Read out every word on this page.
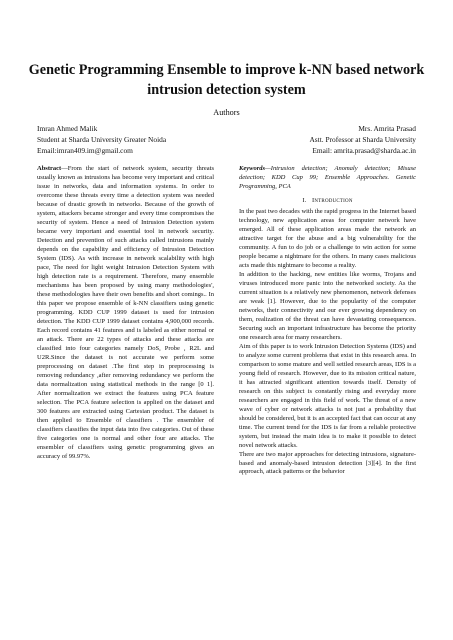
Genetic Programming Ensemble to improve k-NN based network intrusion detection system
Authors
Imran Ahmed Malik
Student at Sharda University Greater Noida
Email:imran409.im@gmail.com
Mrs. Amrita Prasad
Astt. Professor at Sharda University
Email: amrita.prasad@sharda.ac.in

Abstract—From the start of network system, security threats usually known as intrusions has become very important and critical issue in networks, data and information systems. In order to overcome these threats every time a detection system was needed because of drastic growth in networks. Because of the growth of system, attackers became stronger and every time compromises the security of system. Hence a need of Intrusion Detection system became very important and essential tool in network security. Detection and prevention of such attacks called intrusions mainly depends on the capability and efficiency of Intrusion Detection System (IDS). As with increase in network scalability with high pace, The need for light weight Intrusion Detection System with high detection rate is a requirement. Therefore, many ensemble mechanisms has been proposed by using many methodologies', these methodologies have their own benefits and short comings.. In this paper we propose ensemble of k-NN classifiers using genetic programming. KDD CUP 1999 dataset is used for intrusion detection. The KDD CUP 1999 dataset contains 4,900,000 records. Each record contains 41 features and is labeled as either normal or an attack. There are 22 types of attacks and these attacks are classified into four categories namely DoS, Probe , R2L and U2R.Since the dataset is not accurate we perform some preprocessing on dataset .The first step in preprocessing is removing redundancy ,after removing redundancy we perform the data normalization using statistical methods in the range [0 1]. After normalization we extract the features using PCA feature selection. The PCA feature selection is applied on the dataset and 300 features are extracted using Cartesian product. The dataset is then applied to Ensemble of classifiers . The ensembler of classifiers classifies the input data into five categories. Out of these five categories one is normal and other four are attacks. The ensembler of classifiers using genetic programming gives an accuracy of 99.97%.

Keywords—Intrusion detection; Anomaly detection; Misuse detection; KDD Cup 99; Ensemble Approaches. Genetic Programming, PCA

I. Introduction

In the past two decades with the rapid progress in the Internet based technology, new application areas for computer network have emerged. All of these application areas made the network an attractive target for the abuse and a big vulnerability for the community. A fun to do job or a challenge to win action for some people became a nightmare for the others. In many cases malicious acts made this nightmare to become a reality.

In addition to the hacking, new entities like worms, Trojans and viruses introduced more panic into the networked society. As the current situation is a relatively new phenomenon, network defenses are weak [1]. However, due to the popularity of the computer networks, their connectivity and our ever growing dependency on them, realization of the threat can have devastating consequences. Securing such an important infrastructure has become the priority one research area for many researchers.

Aim of this paper is to work Intrusion Detection Systems (IDS) and to analyze some current problems that exist in this research area. In comparison to some mature and well settled research areas, IDS is a young field of research. However, due to its mission critical nature, it has attracted significant attention towards itself. Density of research on this subject is constantly rising and everyday more researchers are engaged in this field of work. The threat of a new wave of cyber or network attacks is not just a probability that should be considered, but it is an accepted fact that can occur at any time. The current trend for the IDS is far from a reliable protective system, but instead the main idea is to make it possible to detect novel network attacks.

There are two major approaches for detecting intrusions, signature-based and anomaly-based intrusion detection [3][4]. In the first approach, attack patterns or the behavior
